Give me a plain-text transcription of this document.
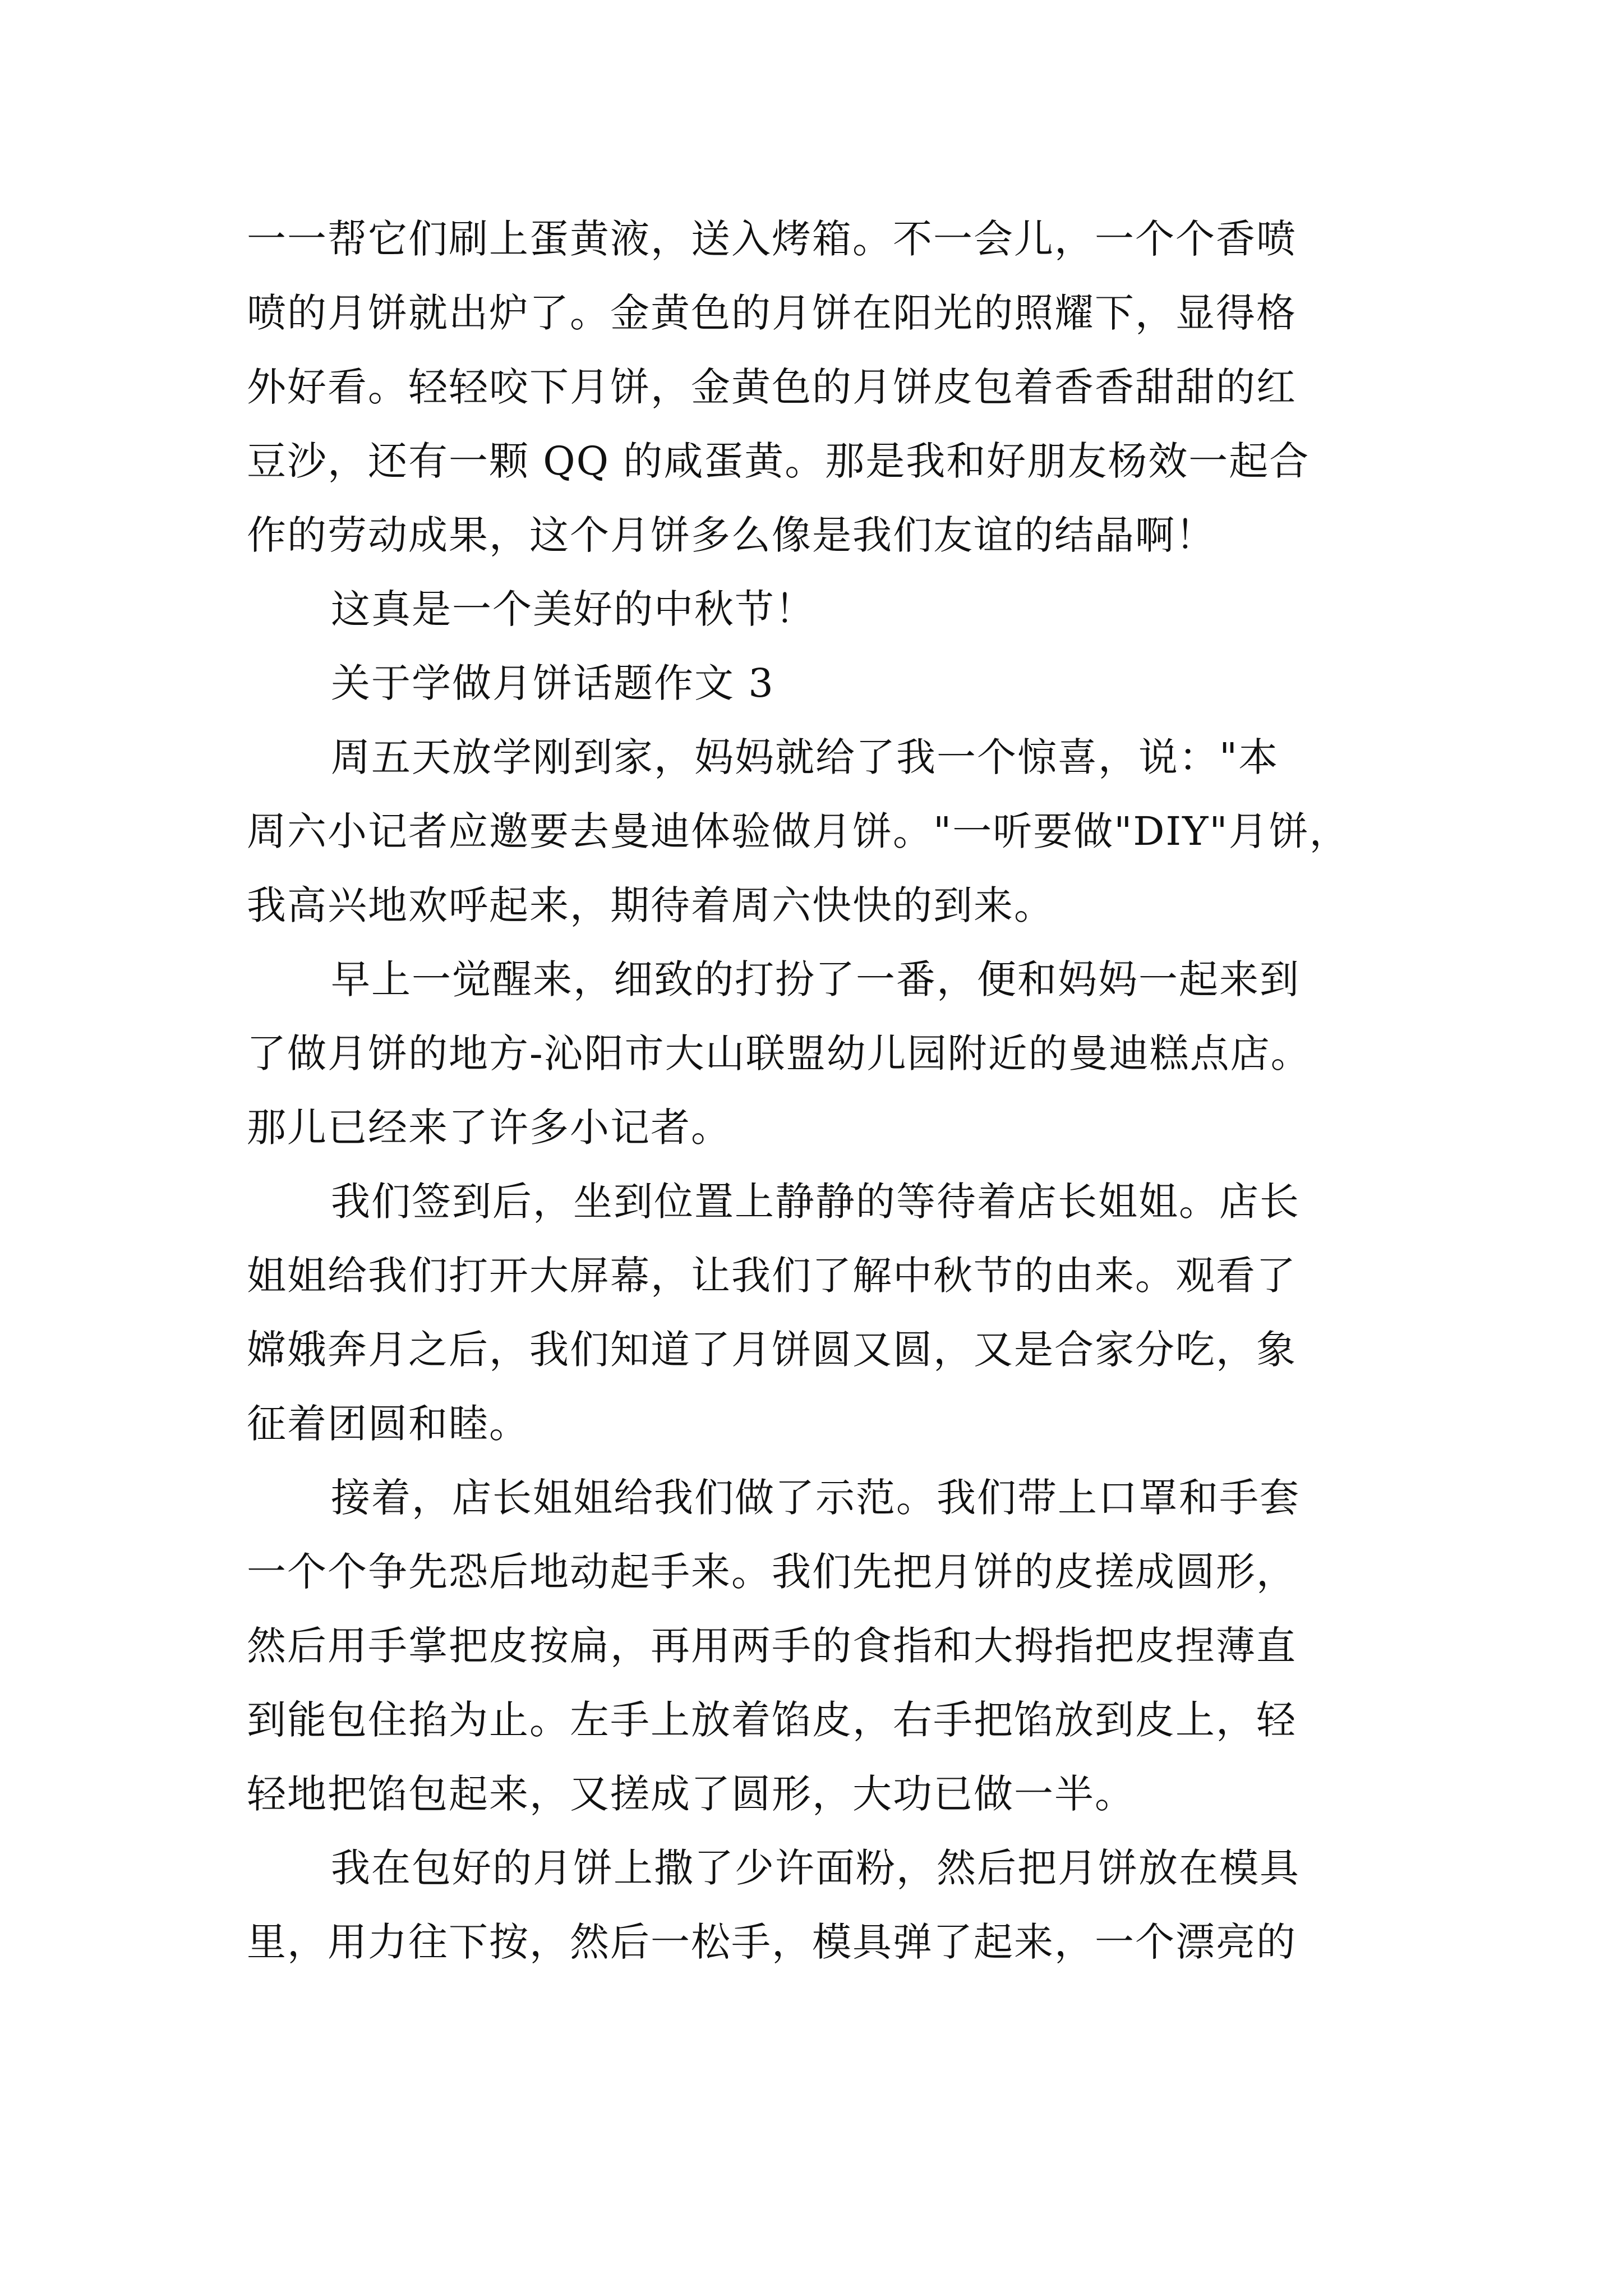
一一帮它们刷上蛋黄液，送入烤箱。不一会儿，一个个香喷
喷的月饼就出炉了。金黄色的月饼在阳光的照耀下，显得格
外好看。轻轻咬下月饼，金黄色的月饼皮包着香香甜甜的红
豆沙，还有一颗 QQ 的咸蛋黄。那是我和好朋友杨效一起合
作的劳动成果，这个月饼多么像是我们友谊的结晶啊！
这真是一个美好的中秋节！
关于学做月饼话题作文 3
周五天放学刚到家，妈妈就给了我一个惊喜，说："本
周六小记者应邀要去曼迪体验做月饼。"一听要做"DIY"月饼，
我高兴地欢呼起来，期待着周六快快的到来。
早上一觉醒来，细致的打扮了一番，便和妈妈一起来到
了做月饼的地方-沁阳市大山联盟幼儿园附近的曼迪糕点店。
那儿已经来了许多小记者。
我们签到后，坐到位置上静静的等待着店长姐姐。店长
姐姐给我们打开大屏幕，让我们了解中秋节的由来。观看了
嫦娥奔月之后，我们知道了月饼圆又圆，又是合家分吃，象
征着团圆和睦。
接着，店长姐姐给我们做了示范。我们带上口罩和手套
一个个争先恐后地动起手来。我们先把月饼的皮搓成圆形，
然后用手掌把皮按扁，再用两手的食指和大拇指把皮捏薄直
到能包住掐为止。左手上放着馅皮，右手把馅放到皮上，轻
轻地把馅包起来，又搓成了圆形，大功已做一半。
我在包好的月饼上撒了少许面粉，然后把月饼放在模具
里，用力往下按，然后一松手，模具弹了起来，一个漂亮的
